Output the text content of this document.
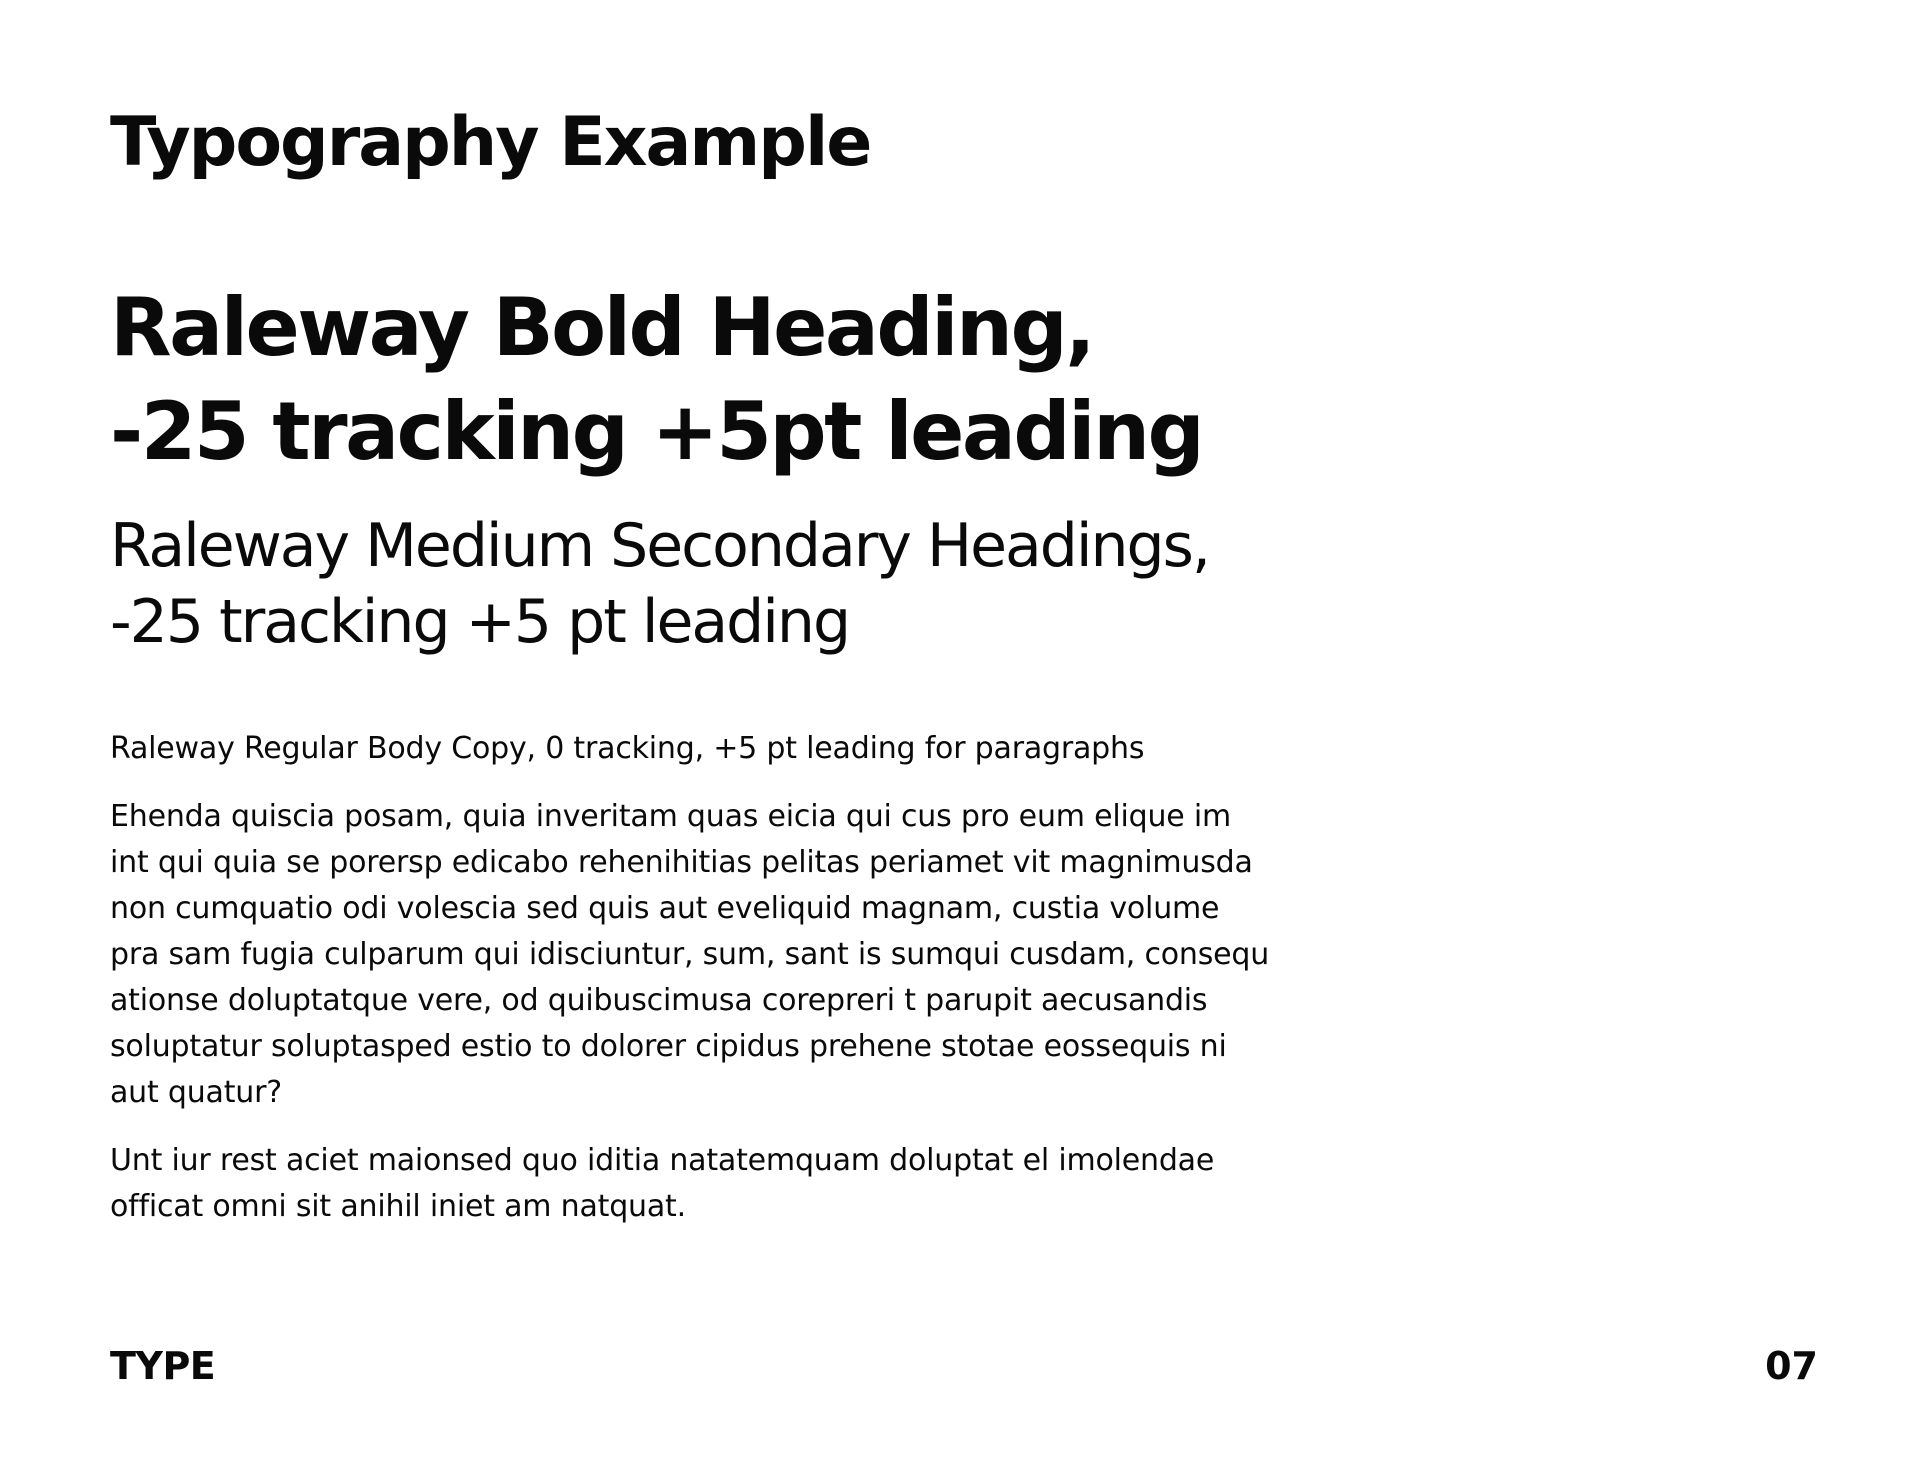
Typography Example
Raleway Bold Heading,
-25 tracking +5pt leading
Raleway Medium Secondary Headings,
-25 tracking +5 pt leading

Raleway Regular Body Copy, 0 tracking, +5 pt leading for paragraphs

Ehenda quiscia posam, quia inveritam quas eicia qui cus pro eum elique im
int qui quia se porersp edicabo rehenihitias pelitas periamet vit magnimusda
non cumquatio odi volescia sed quis aut eveliquid magnam, custia volume
pra sam fugia culparum qui idisciuntur, sum, sant is sumqui cusdam, consequ
ationse doluptatque vere, od quibuscimusa corepreri t parupit aecusandis
soluptatur soluptasped estio to dolorer cipidus prehene stotae eossequis ni
aut quatur?

Unt iur rest aciet maionsed quo iditia natatemquam doluptat el imolendae
officat omni sit anihil iniet am natquat.

TYPE	07
